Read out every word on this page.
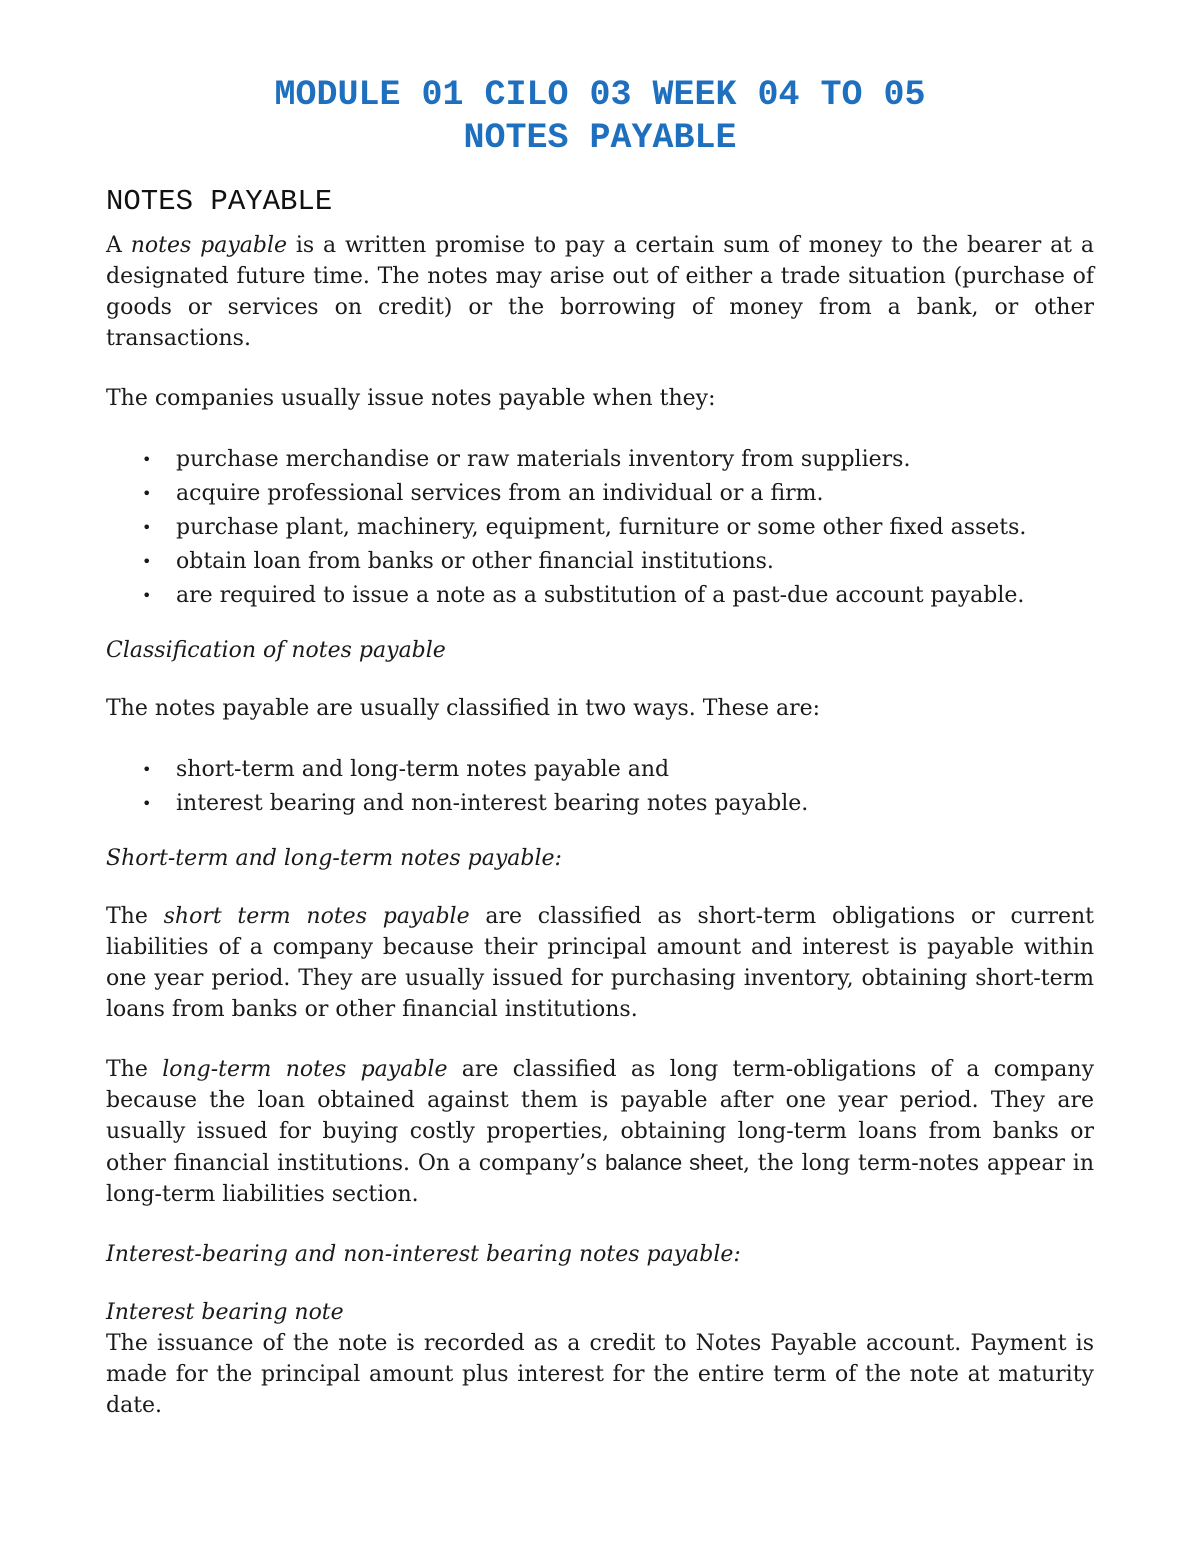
MODULE 01 CILO 03 WEEK 04 TO 05
NOTES PAYABLE
NOTES PAYABLE

A notes payable is a written promise to pay a certain sum of money to the bearer at a designated future time. The notes may arise out of either a trade situation (purchase of goods or services on credit) or the borrowing of money from a bank, or other transactions.

The companies usually issue notes payable when they:

• purchase merchandise or raw materials inventory from suppliers.
• acquire professional services from an individual or a firm.
• purchase plant, machinery, equipment, furniture or some other fixed assets.
• obtain loan from banks or other financial institutions.
• are required to issue a note as a substitution of a past-due account payable.

Classification of notes payable

The notes payable are usually classified in two ways. These are:

• short-term and long-term notes payable and
• interest bearing and non-interest bearing notes payable.

Short-term and long-term notes payable:

The short term notes payable are classified as short-term obligations or current liabilities of a company because their principal amount and interest is payable within one year period. They are usually issued for purchasing inventory, obtaining short-term loans from banks or other financial institutions.

The long-term notes payable are classified as long term-obligations of a company because the loan obtained against them is payable after one year period. They are usually issued for buying costly properties, obtaining long-term loans from banks or other financial institutions. On a company’s balance sheet, the long term-notes appear in long-term liabilities section.

Interest-bearing and non-interest bearing notes payable:

Interest bearing note

The issuance of the note is recorded as a credit to Notes Payable account. Payment is made for the principal amount plus interest for the entire term of the note at maturity date.
